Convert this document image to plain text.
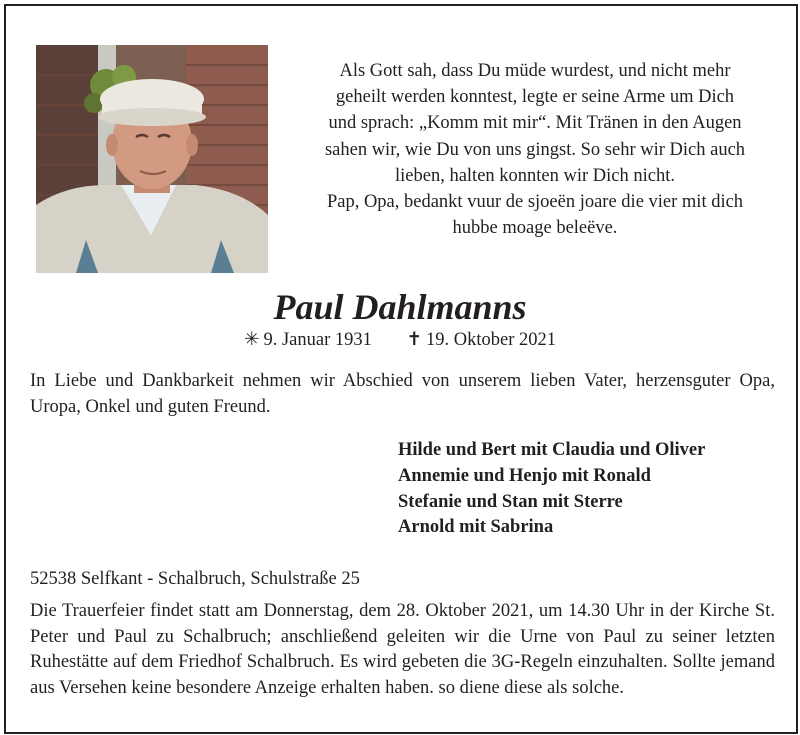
Als Gott sah, dass Du müde wurdest, und nicht mehr
geheilt werden konntest, legte er seine Arme um Dich
und sprach: „Komm mit mir“. Mit Tränen in den Augen
sahen wir, wie Du von uns gingst. So sehr wir Dich auch
lieben, halten konnten wir Dich nicht.
Pap, Opa, bedankt vuur de sjoeën joare die vier mit dich
hubbe moage beleëve.
Paul Dahlmanns
✳ 9. Januar 1931 ✝ 19. Oktober 2021
In Liebe und Dankbarkeit nehmen wir Abschied von unserem lieben Vater, herzensguter Opa, Uropa, Onkel und guten Freund.
Hilde und Bert mit Claudia und Oliver
Annemie und Henjo mit Ronald
Stefanie und Stan mit Sterre
Arnold mit Sabrina
52538 Selfkant - Schalbruch, Schulstraße 25
Die Trauerfeier findet statt am Donnerstag, dem 28. Oktober 2021, um 14.30 Uhr in der Kirche St. Peter und Paul zu Schalbruch; anschließend geleiten wir die Urne von Paul zu seiner letzten Ruhestätte auf dem Friedhof Schalbruch. Es wird gebeten die 3G-Regeln einzuhalten. Sollte jemand aus Versehen keine besondere Anzeige erhalten haben. so diene diese als solche.
